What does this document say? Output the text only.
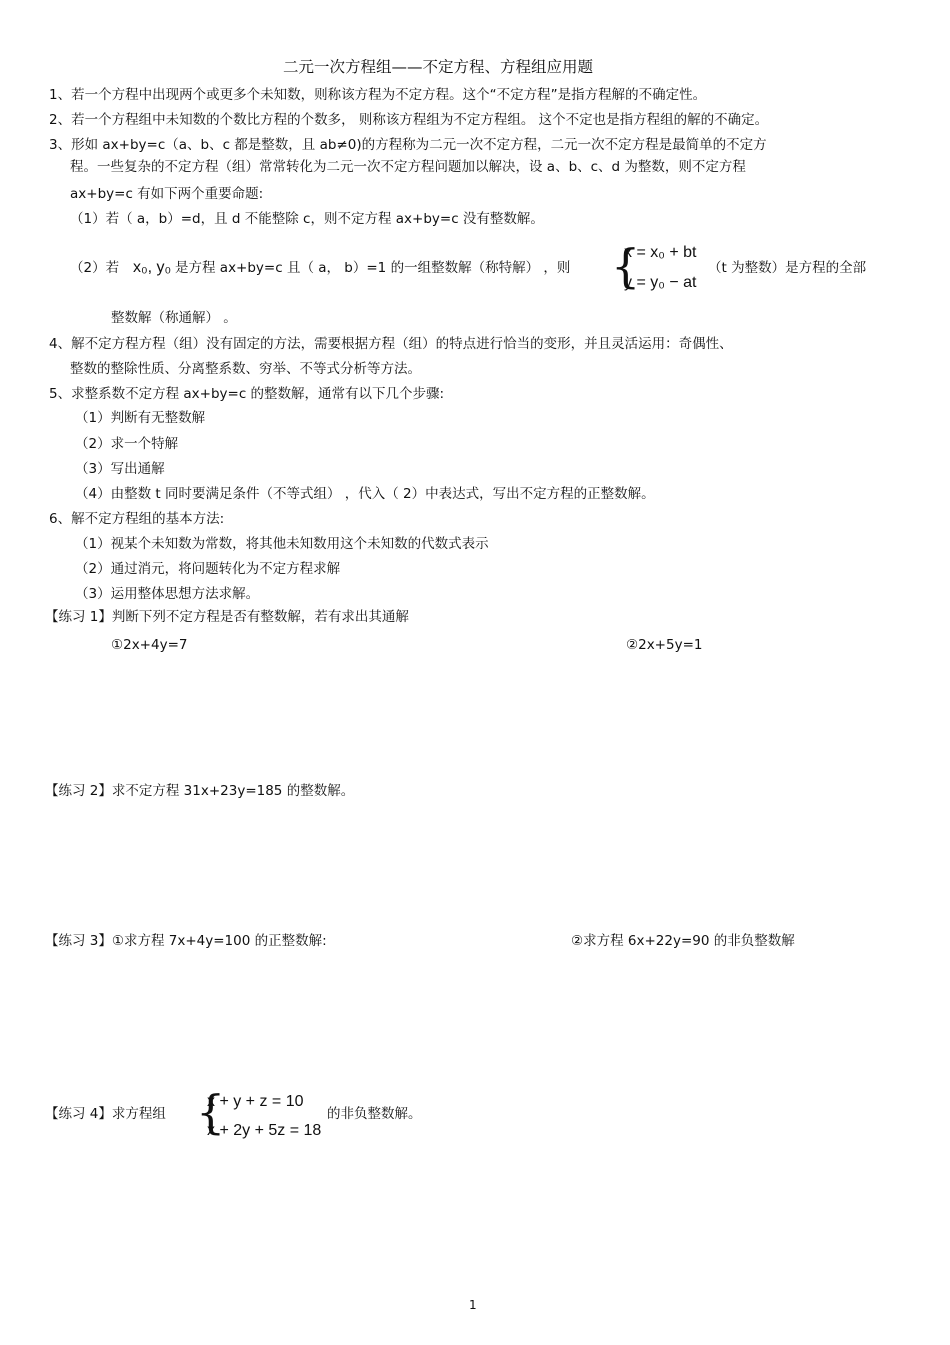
二元一次方程组——不定方程、方程组应用题
1、若一个方程中出现两个或更多个未知数，则称该方程为不定方程。这个“不定方程”是指方程解的不确定性。
2、若一个方程组中未知数的个数比方程的个数多， 则称该方程组为不定方程组。 这个不定也是指方程组的解的不确定。
3、形如 ax+by=c（a、b、c 都是整数，且 ab≠0)的方程称为二元一次不定方程，二元一次不定方程是最简单的不定方
程。一些复杂的不定方程（组）常常转化为二元一次不定方程问题加以解决，设 a、b、c、d 为整数，则不定方程
ax+by=c 有如下两个重要命题:
（1）若（ a，b）=d，且 d 不能整除 c，则不定方程 ax+by=c 没有整数解。
（2）若 x₀, y₀ 是方程 ax+by=c 且（ a， b）=1 的一组整数解（称特解） ，则 {
x = x₀ + bt
y = y₀ − at
（t 为整数）是方程的全部
整数解（称通解） 。
4、解不定方程方程（组）没有固定的方法，需要根据方程（组）的特点进行恰当的变形，并且灵活运用：奇偶性、
整数的整除性质、分离整系数、穷举、不等式分析等方法。
5、求整系数不定方程 ax+by=c 的整数解，通常有以下几个步骤:
（1）判断有无整数解
（2）求一个特解
（3）写出通解
（4）由整数 t 同时要满足条件（不等式组） ，代入（ 2）中表达式，写出不定方程的正整数解。
6、解不定方程组的基本方法:
（1）视某个未知数为常数，将其他未知数用这个未知数的代数式表示
（2）通过消元，将问题转化为不定方程求解
（3）运用整体思想方法求解。
【练习 1】判断下列不定方程是否有整数解，若有求出其通解
①2x+4y=7	②2x+5y=1
【练习 2】求不定方程 31x+23y=185 的整数解。
【练习 3】①求方程 7x+4y=100 的正整数解:	②求方程 6x+22y=90 的非负整数解
【练习 4】求方程组 {
x + y + z = 10
x + 2y + 5z = 18
的非负整数解。
1
